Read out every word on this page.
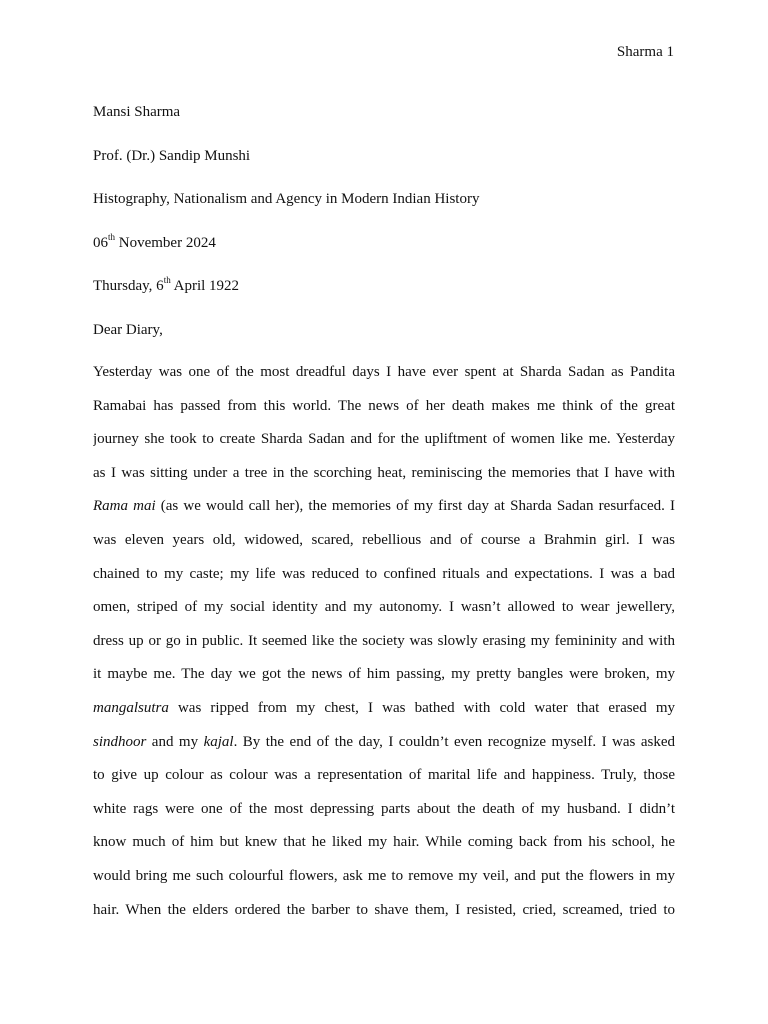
Sharma 1
Mansi Sharma
Prof. (Dr.) Sandip Munshi
Histography, Nationalism and Agency in Modern Indian History
06th November 2024
Thursday, 6th April 1922
Dear Diary,
Yesterday was one of the most dreadful days I have ever spent at Sharda Sadan as Pandita
Ramabai has passed from this world. The news of her death makes me think of the great
journey she took to create Sharda Sadan and for the upliftment of women like me. Yesterday
as I was sitting under a tree in the scorching heat, reminiscing the memories that I have with
Rama mai (as we would call her), the memories of my first day at Sharda Sadan resurfaced. I
was eleven years old, widowed, scared, rebellious and of course a Brahmin girl. I was
chained to my caste; my life was reduced to confined rituals and expectations. I was a bad
omen, striped of my social identity and my autonomy. I wasn’t allowed to wear jewellery,
dress up or go in public. It seemed like the society was slowly erasing my femininity and with
it maybe me. The day we got the news of him passing, my pretty bangles were broken, my
mangalsutra was ripped from my chest, I was bathed with cold water that erased my
sindhoor and my kajal. By the end of the day, I couldn’t even recognize myself. I was asked
to give up colour as colour was a representation of marital life and happiness. Truly, those
white rags were one of the most depressing parts about the death of my husband. I didn’t
know much of him but knew that he liked my hair. While coming back from his school, he
would bring me such colourful flowers, ask me to remove my veil, and put the flowers in my
hair. When the elders ordered the barber to shave them, I resisted, cried, screamed, tried to
